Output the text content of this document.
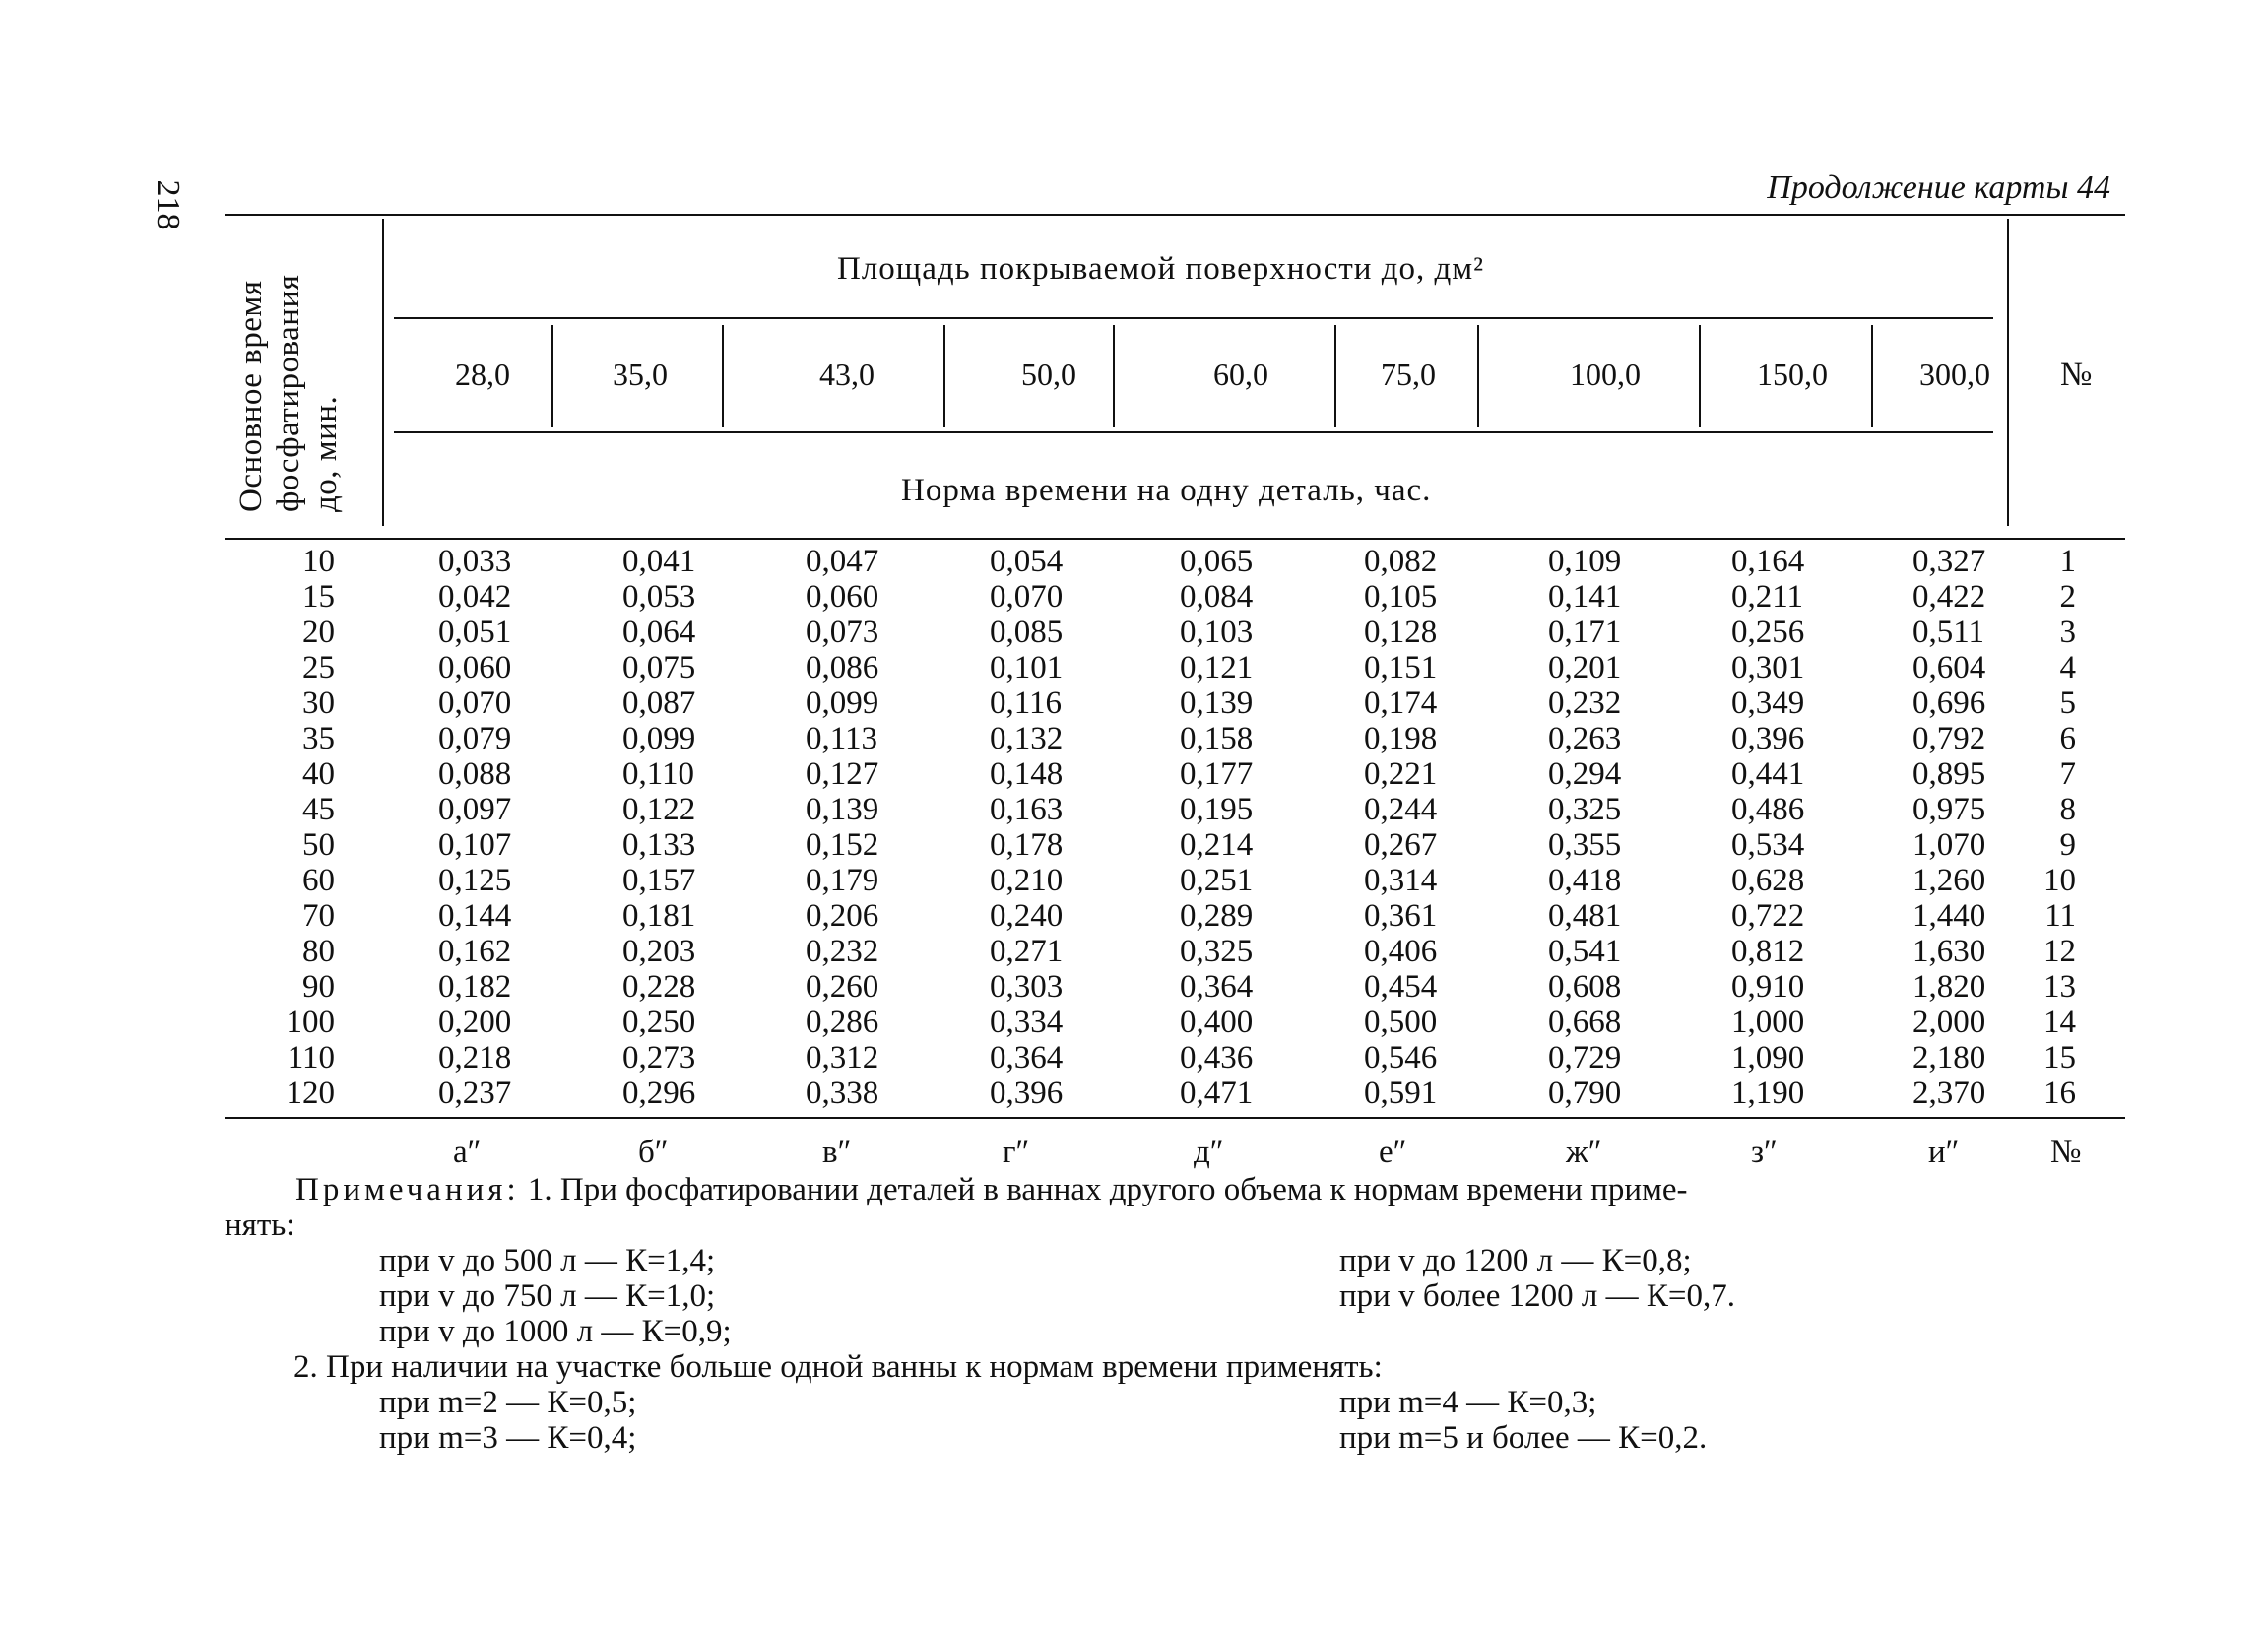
218	Продолжение карты 44
Основное время фосфатирования до, мин.
Площадь покрываемой поверхности до, дм²
Норма времени на одну деталь, час.
№
28,0	35,0	43,0	50,0	60,0	75,0	100,0	150,0	300,0
10	0,033	0,041	0,047	0,054	0,065	0,082	0,109	0,164	0,327	1
15	0,042	0,053	0,060	0,070	0,084	0,105	0,141	0,211	0,422	2
20	0,051	0,064	0,073	0,085	0,103	0,128	0,171	0,256	0,511	3
25	0,060	0,075	0,086	0,101	0,121	0,151	0,201	0,301	0,604	4
30	0,070	0,087	0,099	0,116	0,139	0,174	0,232	0,349	0,696	5
35	0,079	0,099	0,113	0,132	0,158	0,198	0,263	0,396	0,792	6
40	0,088	0,110	0,127	0,148	0,177	0,221	0,294	0,441	0,895	7
45	0,097	0,122	0,139	0,163	0,195	0,244	0,325	0,486	0,975	8
50	0,107	0,133	0,152	0,178	0,214	0,267	0,355	0,534	1,070	9
60	0,125	0,157	0,179	0,210	0,251	0,314	0,418	0,628	1,260	10
70	0,144	0,181	0,206	0,240	0,289	0,361	0,481	0,722	1,440	11
80	0,162	0,203	0,232	0,271	0,325	0,406	0,541	0,812	1,630	12
90	0,182	0,228	0,260	0,303	0,364	0,454	0,608	0,910	1,820	13
100	0,200	0,250	0,286	0,334	0,400	0,500	0,668	1,000	2,000	14
110	0,218	0,273	0,312	0,364	0,436	0,546	0,729	1,090	2,180	15
120	0,237	0,296	0,338	0,396	0,471	0,591	0,790	1,190	2,370	16
а″	б″	в″	г″	д″	е″	ж″	з″	и″	№
Примечания: 1. При фосфатировании деталей в ваннах другого объема к нормам времени приме-
нять:
при v до 500 л — К=1,4;
при v до 750 л — К=1,0;
при v до 1000 л — К=0,9;
при v до 1200 л — К=0,8;
при v более 1200 л — К=0,7.
2. При наличии на участке больше одной ванны к нормам времени применять:
при m=2 — К=0,5;
при m=3 — К=0,4;
при m=4 — К=0,3;
при m=5 и более — К=0,2.
